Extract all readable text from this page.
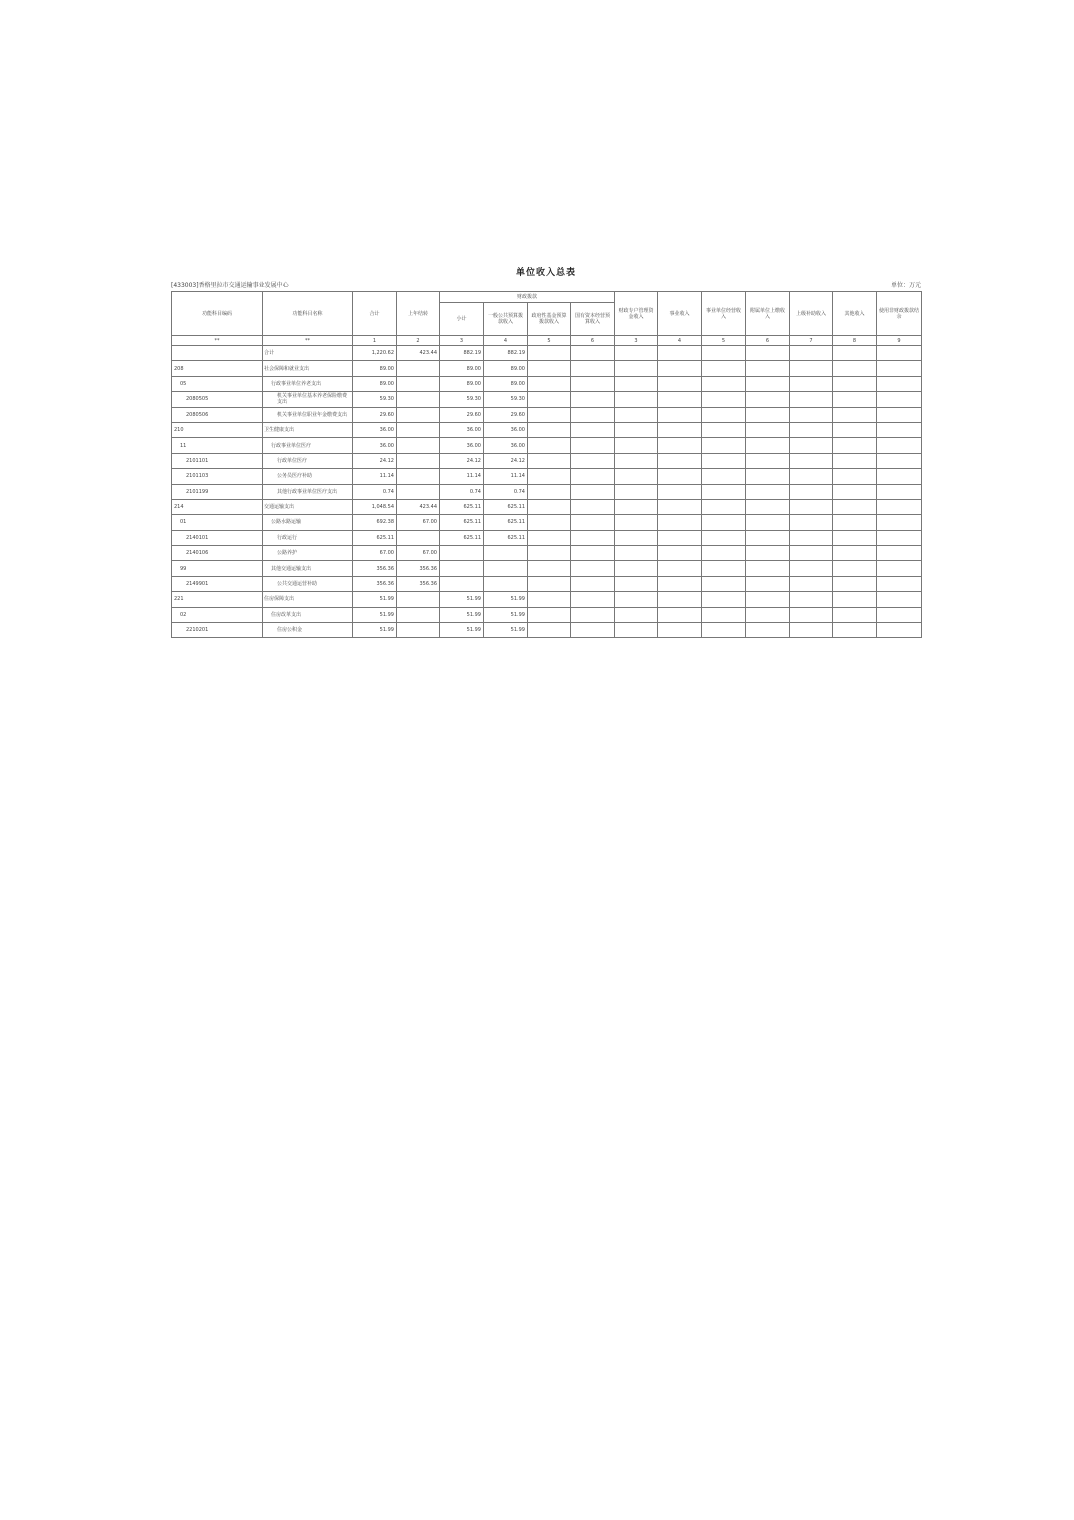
单位收入总表
[433003]香格里拉市交通运输事业发展中心	单位：万元
功能科目编码	功能科目名称	合计	上年结转	财政拨款				财政专户管理资金收入	事业收入	事业单位经营收入	附属单位上缴收入	上级补助收入	其他收入	使用非财政拨款结余
				小计	一般公共预算拨款收入	政府性基金预算拨款收入	国有资本经营预算收入							
**	**	1	2	3	4	5	6	3	4	5	6	7	8	9
	合计	1,220.62	423.44	882.19	882.19									
208	社会保障和就业支出	89.00		89.00	89.00									
05	行政事业单位养老支出	89.00		89.00	89.00									
2080505	机关事业单位基本养老保险缴费支出	59.30		59.30	59.30									
2080506	机关事业单位职业年金缴费支出	29.60		29.60	29.60									
210	卫生健康支出	36.00		36.00	36.00									
11	行政事业单位医疗	36.00		36.00	36.00									
2101101	行政单位医疗	24.12		24.12	24.12									
2101103	公务员医疗补助	11.14		11.14	11.14									
2101199	其他行政事业单位医疗支出	0.74		0.74	0.74									
214	交通运输支出	1,048.54	423.44	625.11	625.11									
01	公路水路运输	692.38	67.00	625.11	625.11									
2140101	行政运行	625.11		625.11	625.11									
2140106	公路养护	67.00	67.00											
99	其他交通运输支出	356.36	356.36											
2149901	公共交通运营补助	356.36	356.36											
221	住房保障支出	51.99		51.99	51.99									
02	住房改革支出	51.99		51.99	51.99									
2210201	住房公积金	51.99		51.99	51.99									
